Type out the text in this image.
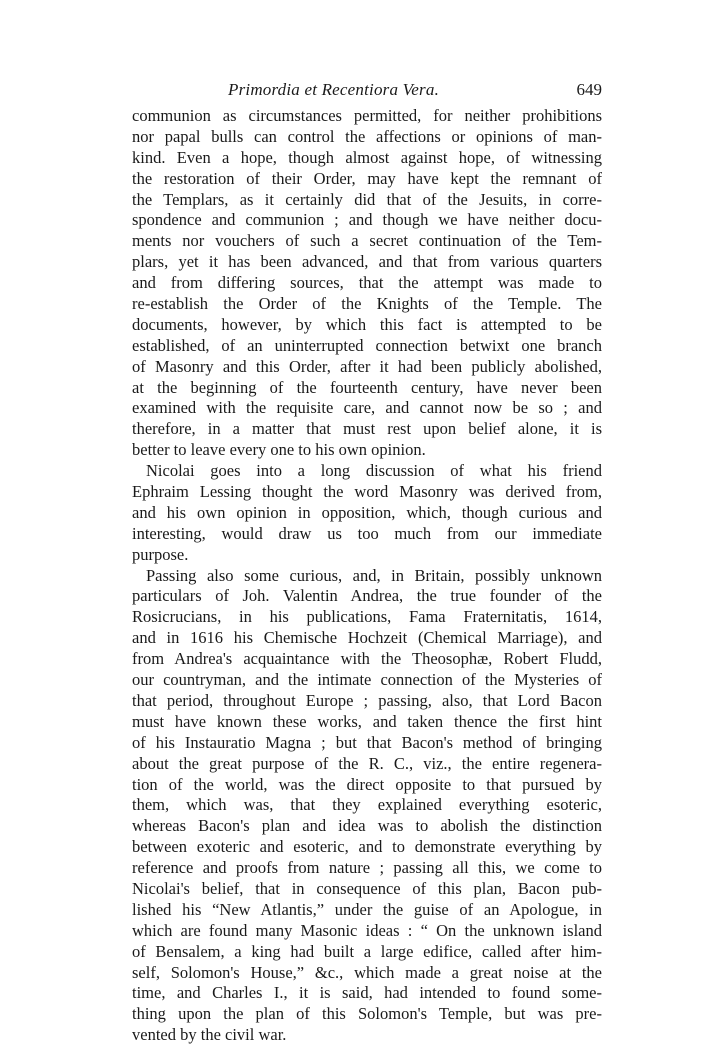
Primordia et Recentiora Vera.	649
communion as circumstances permitted, for neither prohibitions
nor papal bulls can control the affections or opinions of man-
kind. Even a hope, though almost against hope, of witnessing
the restoration of their Order, may have kept the remnant of
the Templars, as it certainly did that of the Jesuits, in corre-
spondence and communion ; and though we have neither docu-
ments nor vouchers of such a secret continuation of the Tem-
plars, yet it has been advanced, and that from various quarters
and from differing sources, that the attempt was made to
re-establish the Order of the Knights of the Temple. The
documents, however, by which this fact is attempted to be
established, of an uninterrupted connection betwixt one branch
of Masonry and this Order, after it had been publicly abolished,
at the beginning of the fourteenth century, have never been
examined with the requisite care, and cannot now be so ; and
therefore, in a matter that must rest upon belief alone, it is
better to leave every one to his own opinion.
Nicolai goes into a long discussion of what his friend
Ephraim Lessing thought the word Masonry was derived from,
and his own opinion in opposition, which, though curious and
interesting, would draw us too much from our immediate
purpose.
Passing also some curious, and, in Britain, possibly unknown
particulars of Joh. Valentin Andrea, the true founder of the
Rosicrucians, in his publications, Fama Fraternitatis, 1614,
and in 1616 his Chemische Hochzeit (Chemical Marriage), and
from Andrea's acquaintance with the Theosophæ, Robert Fludd,
our countryman, and the intimate connection of the Mysteries of
that period, throughout Europe ; passing, also, that Lord Bacon
must have known these works, and taken thence the first hint
of his Instauratio Magna ; but that Bacon's method of bringing
about the great purpose of the R. C., viz., the entire regenera-
tion of the world, was the direct opposite to that pursued by
them, which was, that they explained everything esoteric,
whereas Bacon's plan and idea was to abolish the distinction
between exoteric and esoteric, and to demonstrate everything by
reference and proofs from nature ; passing all this, we come to
Nicolai's belief, that in consequence of this plan, Bacon pub-
lished his “New Atlantis,” under the guise of an Apologue, in
which are found many Masonic ideas : “ On the unknown island
of Bensalem, a king had built a large edifice, called after him-
self, Solomon's House,” &c., which made a great noise at the
time, and Charles I., it is said, had intended to found some-
thing upon the plan of this Solomon's Temple, but was pre-
vented by the civil war.
